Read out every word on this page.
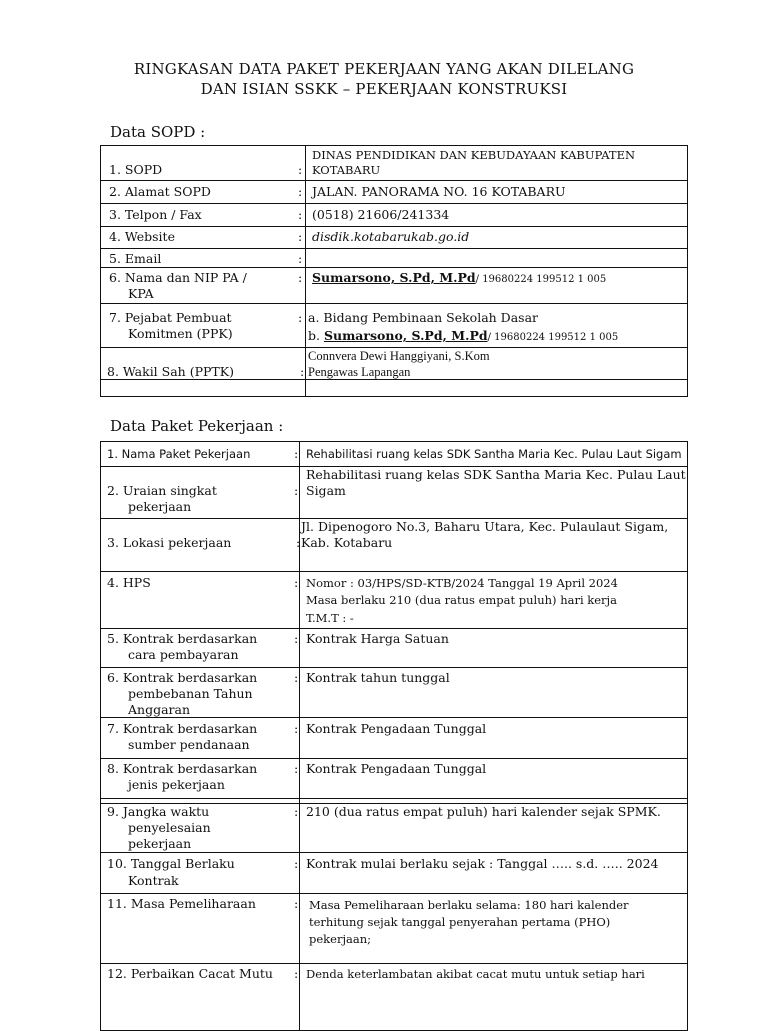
RINGKASAN DATA PAKET PEKERJAAN YANG AKAN DILELANG
DAN ISIAN SSKK – PEKERJAAN KONSTRUKSI
Data SOPD :
1. SOPD	:
DINAS PENDIDIKAN DAN KEBUDAYAAN KABUPATEN
KOTABARU
2. Alamat SOPD	: JALAN. PANORAMA NO. 16 KOTABARU
3. Telpon / Fax	: (0518) 21606/241334
4. Website	: disdik.kotabarukab.go.id
5. Email	:
6. Nama dan NIP PA /
KPA
: Sumarsono, S.Pd, M.Pd/ 19680224 199512 1 005
7. Pejabat Pembuat
Komitmen (PPK)
: a. Bidang Pembinaan Sekolah Dasar
b. Sumarsono, S.Pd, M.Pd/ 19680224 199512 1 005
8. Wakil Sah (PPTK)	:
Connvera Dewi Hanggiyani, S.Kom
Pengawas Lapangan
Data Paket Pekerjaan :
1. Nama Paket Pekerjaan	: Rehabilitasi ruang kelas SDK Santha Maria Kec. Pulau Laut Sigam
2. Uraian singkat
pekerjaan
:
Rehabilitasi ruang kelas SDK Santha Maria Kec. Pulau Laut
Sigam
3. Lokasi pekerjaan	:
Jl. Dipenogoro No.3, Baharu Utara, Kec. Pulaulaut Sigam,
Kab. Kotabaru
4. HPS	: Nomor : 03/HPS/SD-KTB/2024 Tanggal 19 April 2024
Masa berlaku 210 (dua ratus empat puluh) hari kerja
T.M.T : -
5. Kontrak berdasarkan
cara pembayaran
: Kontrak Harga Satuan
6. Kontrak berdasarkan
pembebanan Tahun
Anggaran
: Kontrak tahun tunggal
7. Kontrak berdasarkan
sumber pendanaan
: Kontrak Pengadaan Tunggal
8. Kontrak berdasarkan
jenis pekerjaan
: Kontrak Pengadaan Tunggal
9. Jangka waktu
penyelesaian
pekerjaan
: 210 (dua ratus empat puluh) hari kalender sejak SPMK.
10. Tanggal Berlaku
Kontrak
: Kontrak mulai berlaku sejak : Tanggal ….. s.d. ….. 2024
11. Masa Pemeliharaan	: Masa Pemeliharaan berlaku selama: 180 hari kalender
terhitung sejak tanggal penyerahan pertama (PHO)
pekerjaan;
12. Perbaikan Cacat Mutu : Denda keterlambatan akibat cacat mutu untuk setiap hari
